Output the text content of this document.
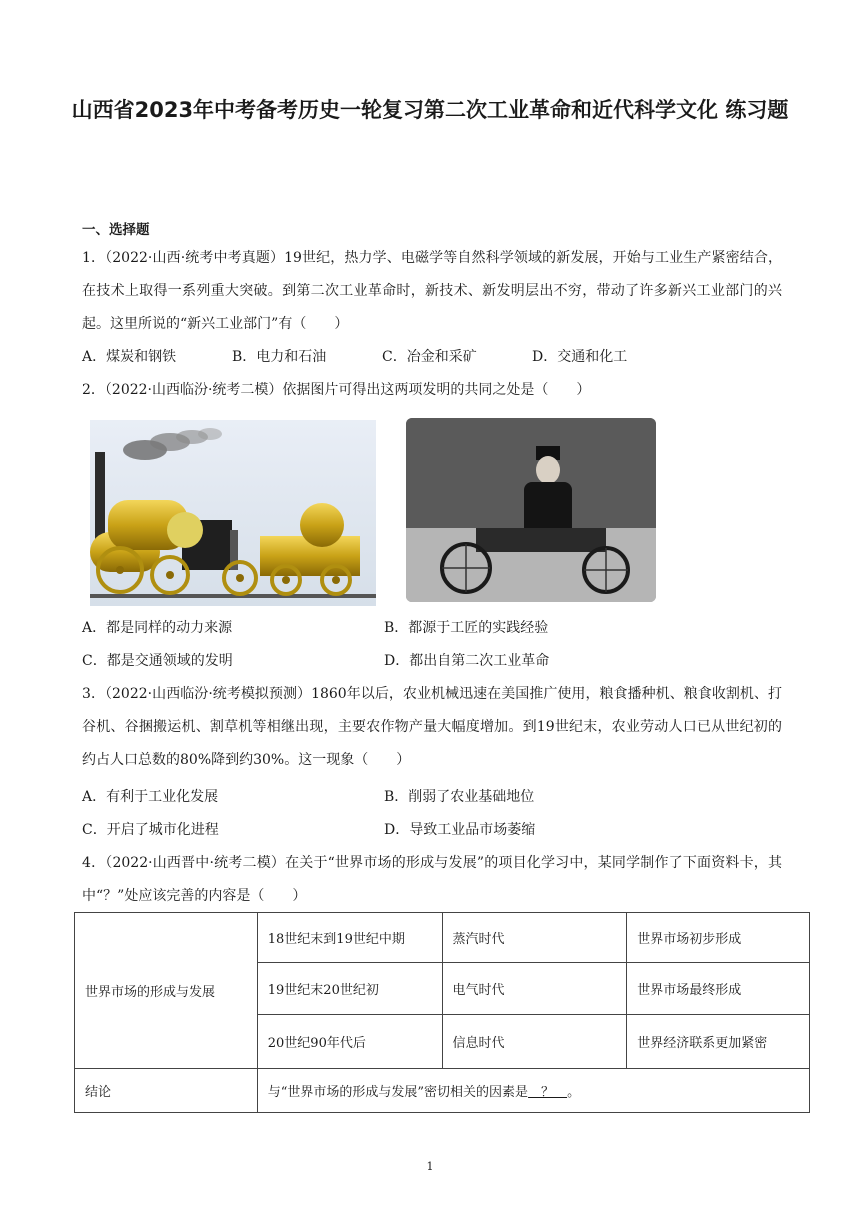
山西省2023年中考备考历史一轮复习第二次工业革命和近代科学文化 练习题
一、选择题

1．（2022·山西·统考中考真题）19世纪，热力学、电磁学等自然科学领域的新发展，开始与工业生产紧密结合，在技术上取得一系列重大突破。到第二次工业革命时，新技术、新发明层出不穷，带动了许多新兴工业部门的兴起。这里所说的“新兴工业部门”有（　　）

A．煤炭和钢铁	B．电力和石油	C．冶金和采矿	D．交通和化工

2．（2022·山西临汾·统考二模）依据图片可得出这两项发明的共同之处是（　　）

A．都是同样的动力来源	B．都源于工匠的实践经验
C．都是交通领域的发明	D．都出自第二次工业革命

3．（2022·山西临汾·统考模拟预测）1860年以后，农业机械迅速在美国推广使用，粮食播种机、粮食收割机、打谷机、谷捆搬运机、割草机等相继出现，主要农作物产量大幅度增加。到19世纪末，农业劳动人口已从世纪初的约占人口总数的80%降到约30%。这一现象（　　）

A．有利于工业化发展	B．削弱了农业基础地位
C．开启了城市化进程	D．导致工业品市场萎缩

4．（2022·山西晋中·统考二模）在关于“世界市场的形成与发展”的项目化学习中，某同学制作了下面资料卡，其中“？”处应该完善的内容是（　　）

世界市场的形成与发展	18世纪末到19世纪中期	蒸汽时代	世界市场初步形成
	19世纪末20世纪初	电气时代	世界市场最终形成
	20世纪90年代后	信息时代	世界经济联系更加紧密
结论	与“世界市场的形成与发展”密切相关的因素是　？　。		
1
